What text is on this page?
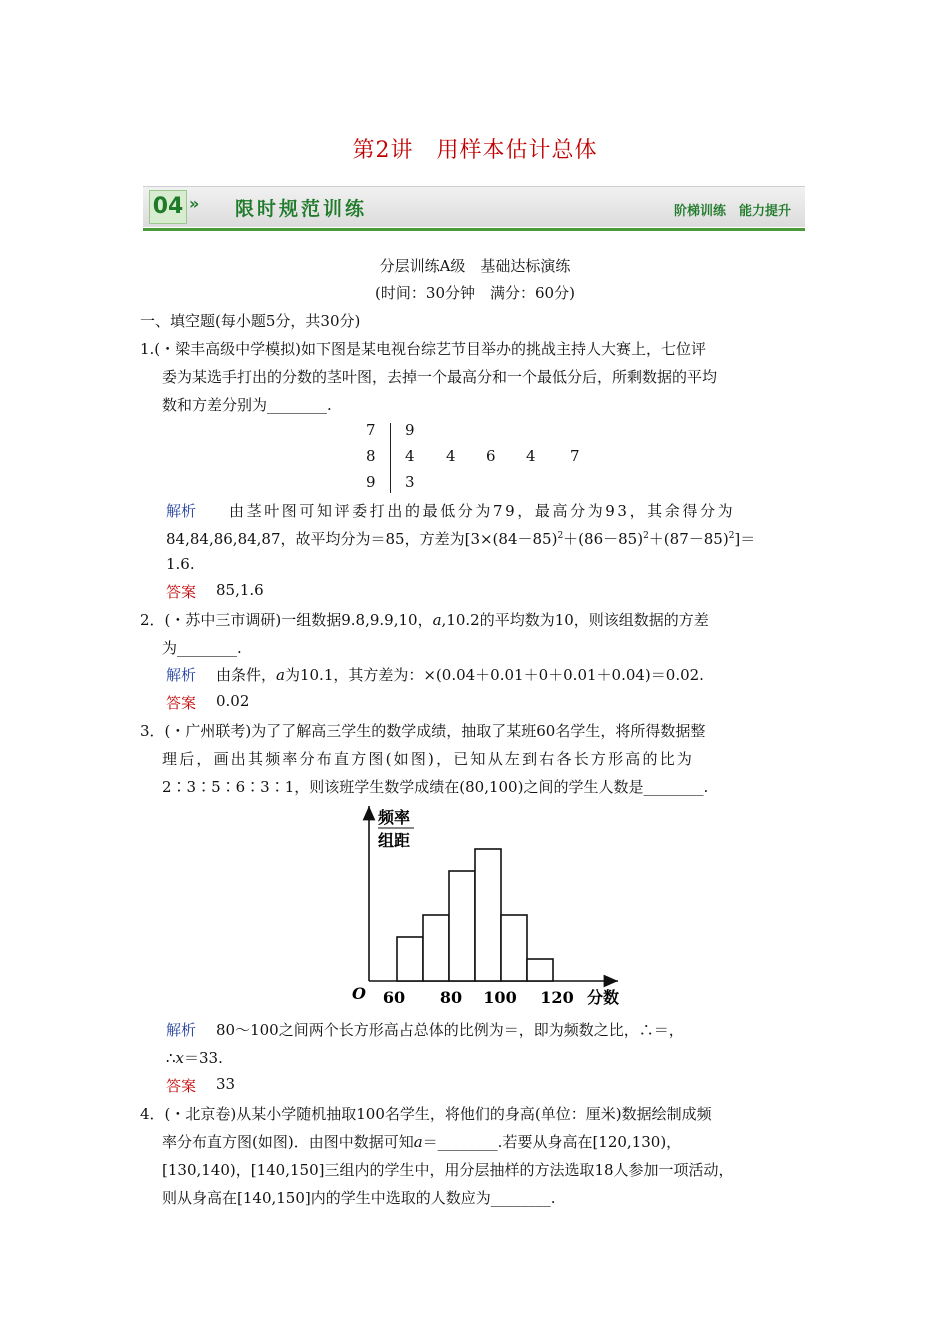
第2讲　用样本估计总体
04 » 限时规范训练	阶梯训练　能力提升
分层训练A级　基础达标演练
(时间：30分钟　满分：60分)
一、填空题(每小题5分，共30分)
1.(・梁丰高级中学模拟)如下图是某电视台综艺节目举办的挑战主持人大赛上，七位评
委为某选手打出的分数的茎叶图，去掉一个最高分和一个最低分后，所剩数据的平均
数和方差分别为________.
7
8
9
9
4 4 6 4 7
3
解析 由茎叶图可知评委打出的最低分为79，最高分为93，其余得分为
84,84,86,84,87，故平均分为＝85，方差为$[3\times(84-85)^2+(86-85)^2+(87-85)^2]=$
1.6.
答案 85,1.6
2．(・苏中三市调研)一组数据9.8,9.9,10，a,10.2的平均数为10，则该组数据的方差
为________.
解析 由条件，a为10.1，其方差为：×(0.04＋0.01＋0＋0.01＋0.04)＝0.02.
答案 0.02
3．(・广州联考)为了了解高三学生的数学成绩，抽取了某班60名学生，将所得数据整
理后，画出其频率分布直方图(如图)，已知从左到右各长方形高的比为
2∶3∶5∶6∶3∶1，则该班学生数学成绩在(80,100)之间的学生人数是________.
频率
组距
O 60 80 100 120 分数
解析 80～100之间两个长方形高占总体的比例为＝，即为频数之比，∴＝，
∴x＝33.
答案 33
4．(・北京卷)从某小学随机抽取100名学生，将他们的身高(单位：厘米)数据绘制成频
率分布直方图(如图)．由图中数据可知a＝________.若要从身高在[120,130)，
[130,140)，[140,150]三组内的学生中，用分层抽样的方法选取18人参加一项活动，
则从身高在[140,150]内的学生中选取的人数应为________.
